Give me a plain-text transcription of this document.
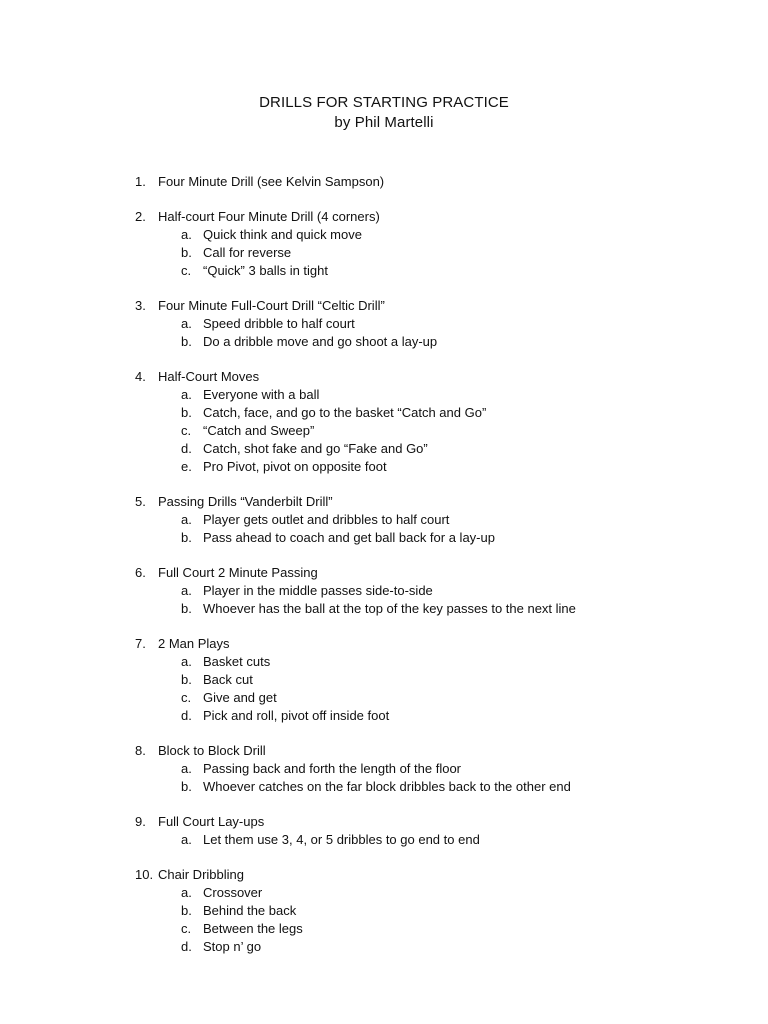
DRILLS FOR STARTING PRACTICE
by Phil Martelli
1. Four Minute Drill (see Kelvin Sampson)
2. Half-court Four Minute Drill (4 corners)
a. Quick think and quick move
b. Call for reverse
c. “Quick” 3 balls in tight
3. Four Minute Full-Court Drill “Celtic Drill”
a. Speed dribble to half court
b. Do a dribble move and go shoot a lay-up
4. Half-Court Moves
a. Everyone with a ball
b. Catch, face, and go to the basket “Catch and Go”
c. “Catch and Sweep”
d. Catch, shot fake and go “Fake and Go”
e. Pro Pivot, pivot on opposite foot
5. Passing Drills “Vanderbilt Drill”
a. Player gets outlet and dribbles to half court
b. Pass ahead to coach and get ball back for a lay-up
6. Full Court 2 Minute Passing
a. Player in the middle passes side-to-side
b. Whoever has the ball at the top of the key passes to the next line
7. 2 Man Plays
a. Basket cuts
b. Back cut
c. Give and get
d. Pick and roll, pivot off inside foot
8. Block to Block Drill
a. Passing back and forth the length of the floor
b. Whoever catches on the far block dribbles back to the other end
9. Full Court Lay-ups
a. Let them use 3, 4, or 5 dribbles to go end to end
10. Chair Dribbling
a. Crossover
b. Behind the back
c. Between the legs
d. Stop n’ go
